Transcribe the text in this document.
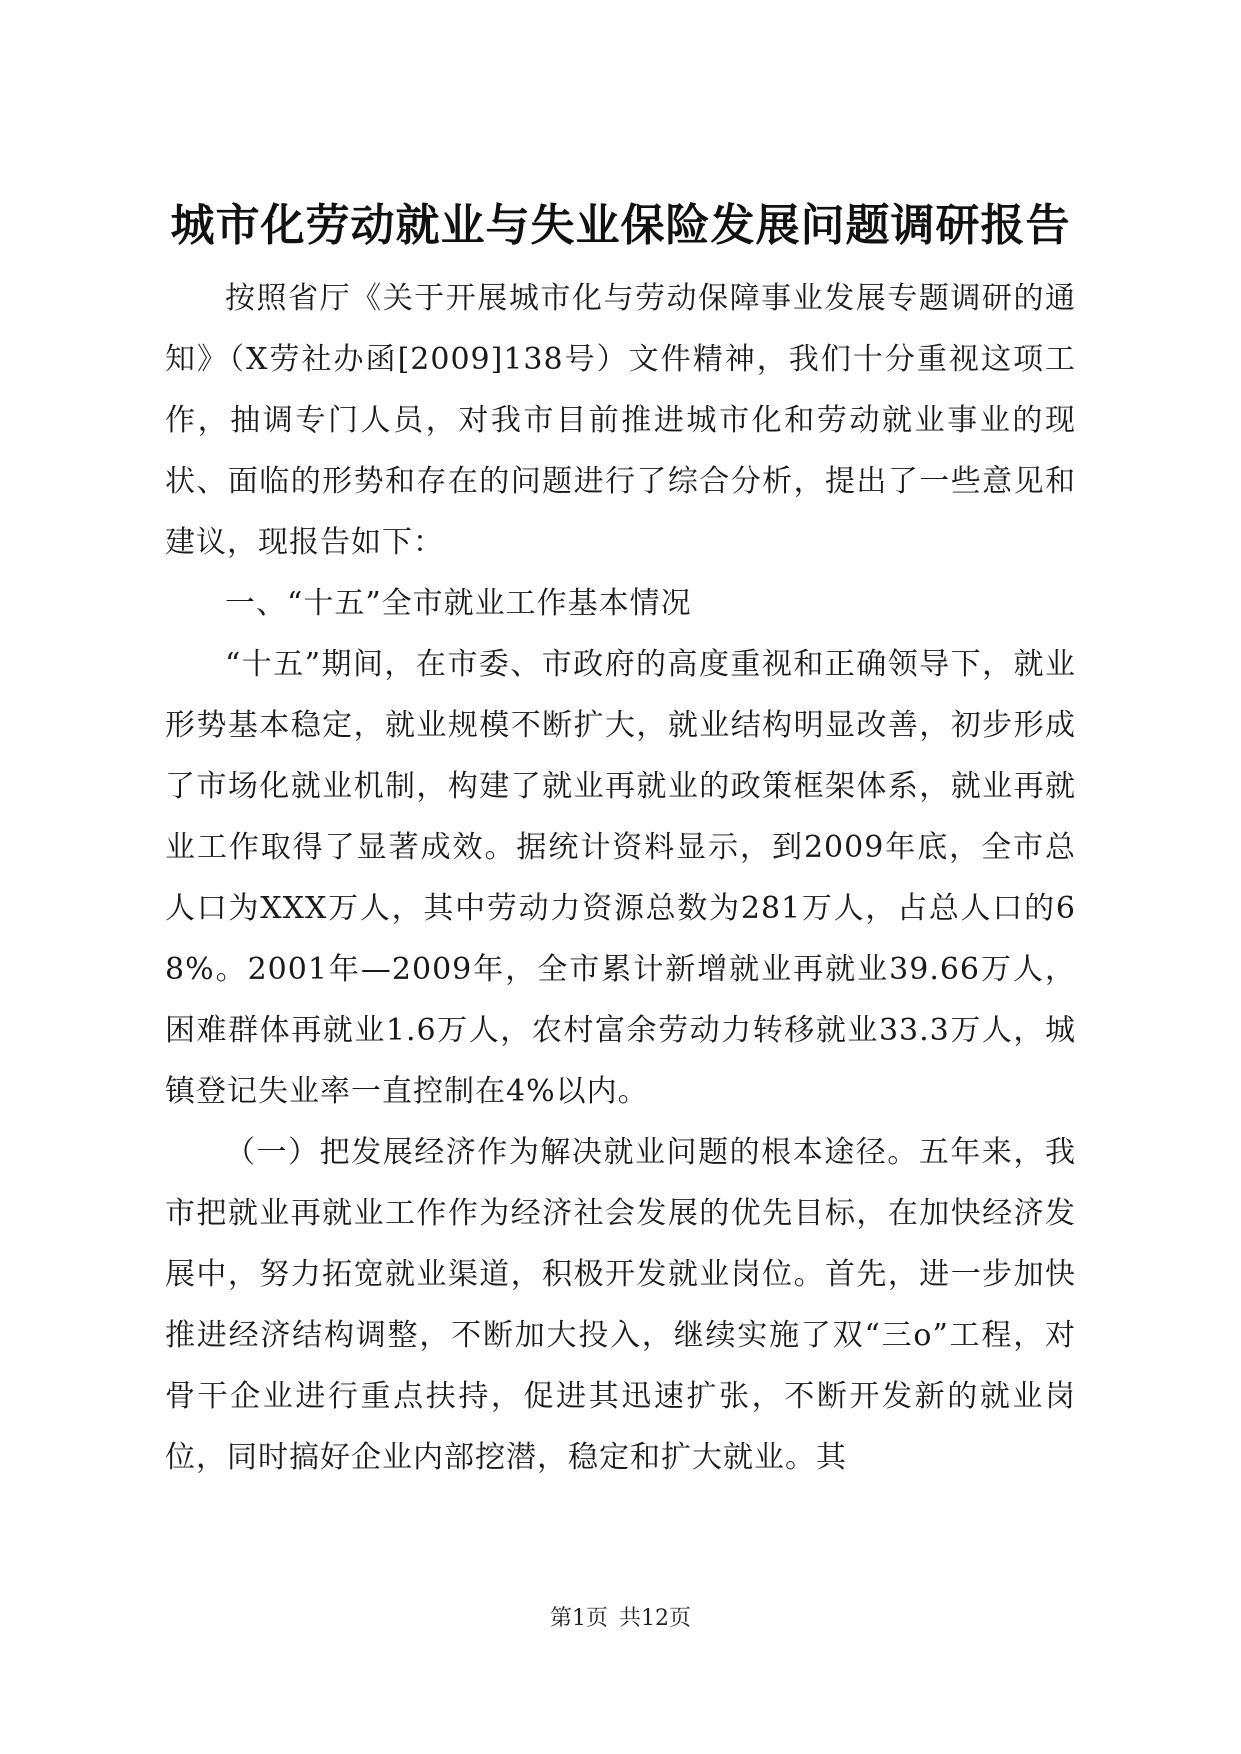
城市化劳动就业与失业保险发展问题调研报告

按照省厅《关于开展城市化与劳动保障事业发展专题调研的通知》（X劳社办函[2009]138号）文件精神，我们十分重视这项工作，抽调专门人员，对我市目前推进城市化和劳动就业事业的现状、面临的形势和存在的问题进行了综合分析，提出了一些意见和建议，现报告如下：

一、“十五”全市就业工作基本情况

“十五”期间，在市委、市政府的高度重视和正确领导下，就业形势基本稳定，就业规模不断扩大，就业结构明显改善，初步形成了市场化就业机制，构建了就业再就业的政策框架体系，就业再就业工作取得了显著成效。据统计资料显示，到2009年底，全市总人口为XXX万人，其中劳动力资源总数为281万人，占总人口的68%。2001年—2009年，全市累计新增就业再就业39.66万人，困难群体再就业1.6万人，农村富余劳动力转移就业33.3万人，城镇登记失业率一直控制在4%以内。

（一）把发展经济作为解决就业问题的根本途径。五年来，我市把就业再就业工作作为经济社会发展的优先目标，在加快经济发展中，努力拓宽就业渠道，积极开发就业岗位。首先，进一步加快推进经济结构调整，不断加大投入，继续实施了双“三o”工程，对骨干企业进行重点扶持，促进其迅速扩张，不断开发新的就业岗位，同时搞好企业内部挖潜，稳定和扩大就业。其

第1页 共12页
